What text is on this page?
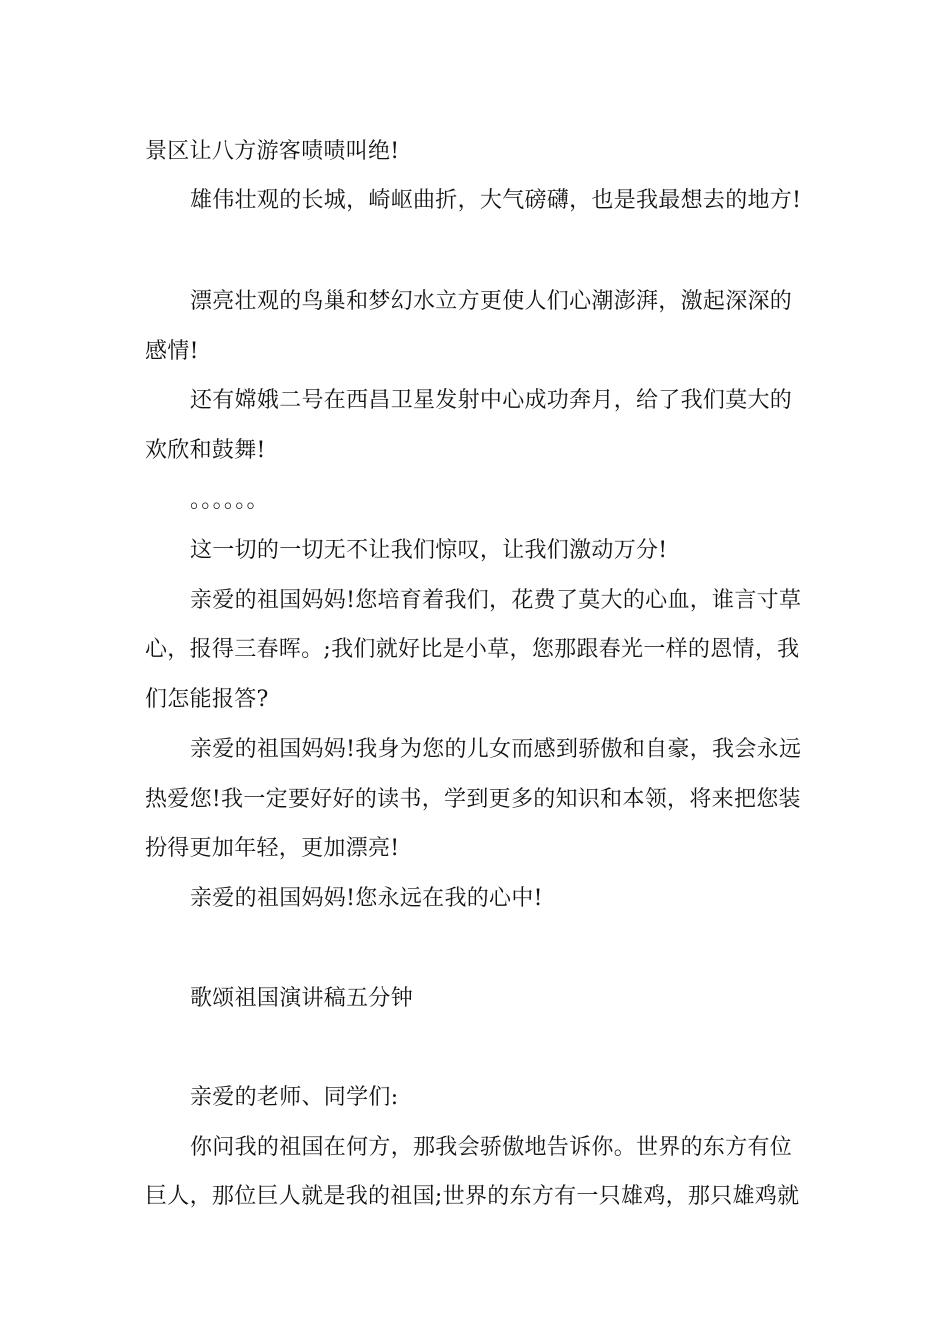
景区让八方游客啧啧叫绝!
雄伟壮观的长城，崎岖曲折，大气磅礴，也是我最想去的地方!
漂亮壮观的鸟巢和梦幻水立方更使人们心潮澎湃，激起深深的
感情!
还有嫦娥二号在西昌卫星发射中心成功奔月，给了我们莫大的
欢欣和鼓舞!
。。。。。。
这一切的一切无不让我们惊叹，让我们激动万分!
亲爱的祖国妈妈!您培育着我们，花费了莫大的心血，谁言寸草
心，报得三春晖。;我们就好比是小草，您那跟春光一样的恩情，我
们怎能报答?
亲爱的祖国妈妈!我身为您的儿女而感到骄傲和自豪，我会永远
热爱您!我一定要好好的读书，学到更多的知识和本领，将来把您装
扮得更加年轻，更加漂亮!
亲爱的祖国妈妈!您永远在我的心中!
歌颂祖国演讲稿五分钟
亲爱的老师、同学们:
你问我的祖国在何方，那我会骄傲地告诉你。世界的东方有位
巨人，那位巨人就是我的祖国;世界的东方有一只雄鸡，那只雄鸡就
